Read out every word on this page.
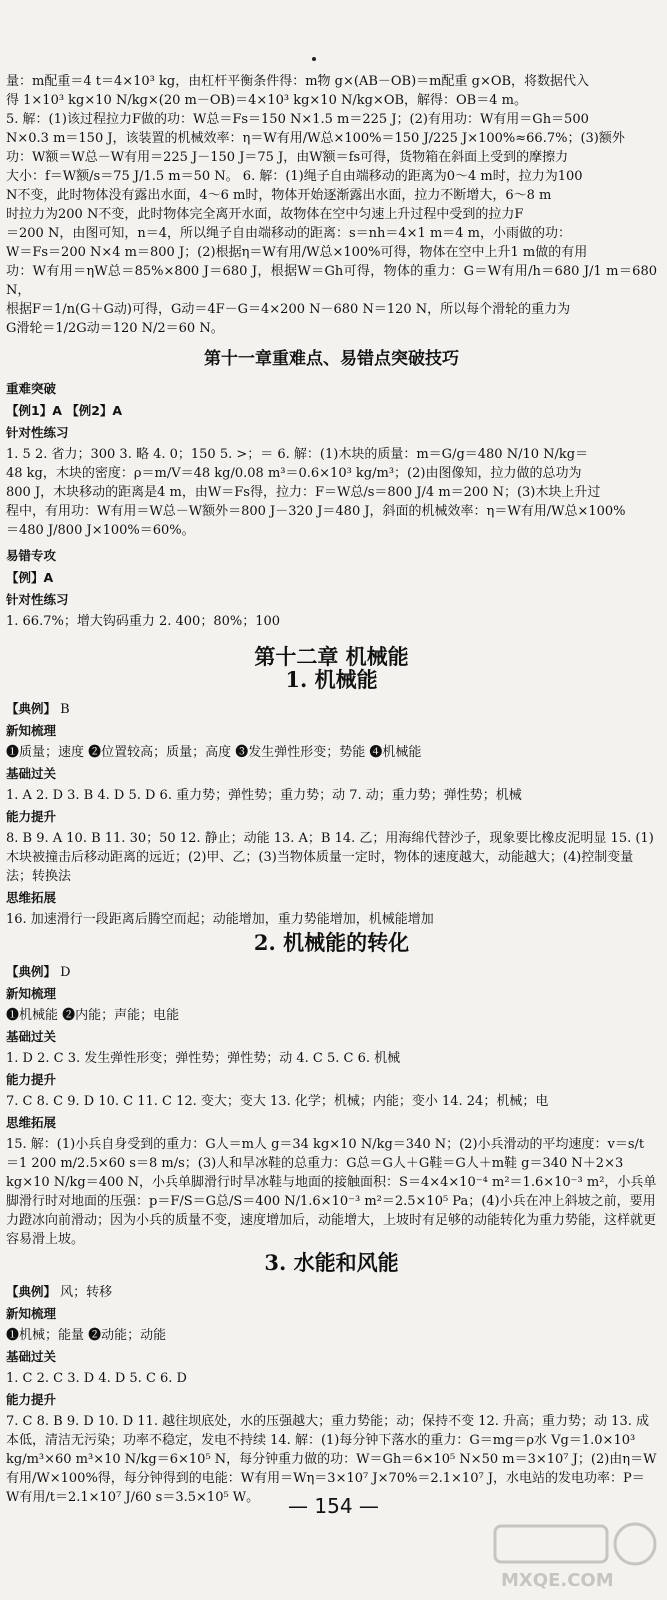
量：m配重＝4 t＝4×10³ kg，由杠杆平衡条件得：m物 g×(AB－OB)＝m配重 g×OB，将数据代入
得 1×10³ kg×10 N/kg×(20 m－OB)＝4×10³ kg×10 N/kg×OB，解得：OB＝4 m。
5. 解：(1)该过程拉力F做的功：W总＝Fs＝150 N×1.5 m＝225 J；(2)有用功：W有用＝Gh＝500
N×0.3 m＝150 J，该装置的机械效率：η＝W有用/W总×100%＝150 J/225 J×100%≈66.7%；(3)额外
功：W额＝W总－W有用＝225 J－150 J＝75 J，由W额＝fs可得，货物箱在斜面上受到的摩擦力
大小：f＝W额/s＝75 J/1.5 m＝50 N。 6. 解：(1)绳子自由端移动的距离为0～4 m时，拉力为100
N不变，此时物体没有露出水面，4～6 m时，物体开始逐渐露出水面，拉力不断增大，6～8 m
时拉力为200 N不变，此时物体完全离开水面，故物体在空中匀速上升过程中受到的拉力F
＝200 N，由图可知，n＝4，所以绳子自由端移动的距离：s＝nh＝4×1 m＝4 m，小雨做的功：
W＝Fs＝200 N×4 m＝800 J；(2)根据η＝W有用/W总×100%可得，物体在空中上升1 m做的有用
功：W有用＝ηW总＝85%×800 J＝680 J，根据W＝Gh可得，物体的重力：G＝W有用/h＝680 J/1 m＝680 N，
根据F＝1/n(G＋G动)可得，G动＝4F－G＝4×200 N－680 N＝120 N，所以每个滑轮的重力为
G滑轮＝1/2G动＝120 N/2＝60 N。
第十一章重难点、易错点突破技巧
重难突破
【例1】A 【例2】A
针对性练习
1. 5 2. 省力；300 3. 略 4. 0；150 5. >；＝ 6. 解：(1)木块的质量：m＝G/g＝480 N/10 N/kg＝
48 kg，木块的密度：ρ＝m/V＝48 kg/0.08 m³＝0.6×10³ kg/m³；(2)由图像知，拉力做的总功为
800 J，木块移动的距离是4 m，由W＝Fs得，拉力：F＝W总/s＝800 J/4 m＝200 N；(3)木块上升过
程中，有用功：W有用＝W总－W额外＝800 J－320 J＝480 J，斜面的机械效率：η＝W有用/W总×100%
＝480 J/800 J×100%＝60%。
易错专攻
【例】A
针对性练习
1. 66.7%；增大钩码重力 2. 400；80%；100
第十二章 机械能
1. 机械能
【典例】 B
新知梳理
❶质量；速度 ❷位置较高；质量；高度 ❸发生弹性形变；势能 ❹机械能
基础过关
1. A 2. D 3. B 4. D 5. D 6. 重力势；弹性势；重力势；动 7. 动；重力势；弹性势；机械
能力提升
8. B 9. A 10. B 11. 30；50 12. 静止；动能 13. A；B 14. 乙；用海绵代替沙子，现象要比橡皮泥明显 15. (1)木块被撞击后移动距离的远近；(2)甲、乙；(3)当物体质量一定时，物体的速度越大，动能越大；(4)控制变量法；转换法
思维拓展
16. 加速滑行一段距离后腾空而起；动能增加，重力势能增加，机械能增加
2. 机械能的转化
【典例】 D
新知梳理
❶机械能 ❷内能；声能；电能
基础过关
1. D 2. C 3. 发生弹性形变；弹性势；弹性势；动 4. C 5. C 6. 机械
能力提升
7. C 8. C 9. D 10. C 11. C 12. 变大；变大 13. 化学；机械；内能；变小 14. 24；机械；电
思维拓展
15. 解：(1)小兵自身受到的重力：G人＝m人 g＝34 kg×10 N/kg＝340 N；(2)小兵滑动的平均速度：v＝s/t＝1 200 m/2.5×60 s＝8 m/s；(3)人和旱冰鞋的总重力：G总＝G人＋G鞋＝G人＋m鞋 g＝340 N＋2×3 kg×10 N/kg＝400 N，小兵单脚滑行时旱冰鞋与地面的接触面积：S＝4×4×10⁻⁴ m²＝1.6×10⁻³ m²，小兵单脚滑行时对地面的压强：p＝F/S＝G总/S＝400 N/1.6×10⁻³ m²＝2.5×10⁵ Pa；(4)小兵在冲上斜坡之前，要用力蹬冰向前滑动；因为小兵的质量不变，速度增加后，动能增大，上坡时有足够的动能转化为重力势能，这样就更容易滑上坡。
3. 水能和风能
【典例】 风；转移
新知梳理
❶机械；能量 ❷动能；动能
基础过关
1. C 2. C 3. D 4. D 5. C 6. D
能力提升
7. C 8. B 9. D 10. D 11. 越往坝底处，水的压强越大；重力势能；动；保持不变 12. 升高；重力势；动 13. 成本低，清洁无污染；功率不稳定，发电不持续 14. 解：(1)每分钟下落水的重力：G＝mg＝ρ水 Vg＝1.0×10³ kg/m³×60 m³×10 N/kg＝6×10⁵ N，每分钟重力做的功：W＝Gh＝6×10⁵ N×50 m＝3×10⁷ J；(2)由η＝W有用/W×100%得，每分钟得到的电能：W有用＝Wη＝3×10⁷ J×70%＝2.1×10⁷ J，水电站的发电功率：P＝W有用/t＝2.1×10⁷ J/60 s＝3.5×10⁵ W。	— 154 —
MXQE.COM
